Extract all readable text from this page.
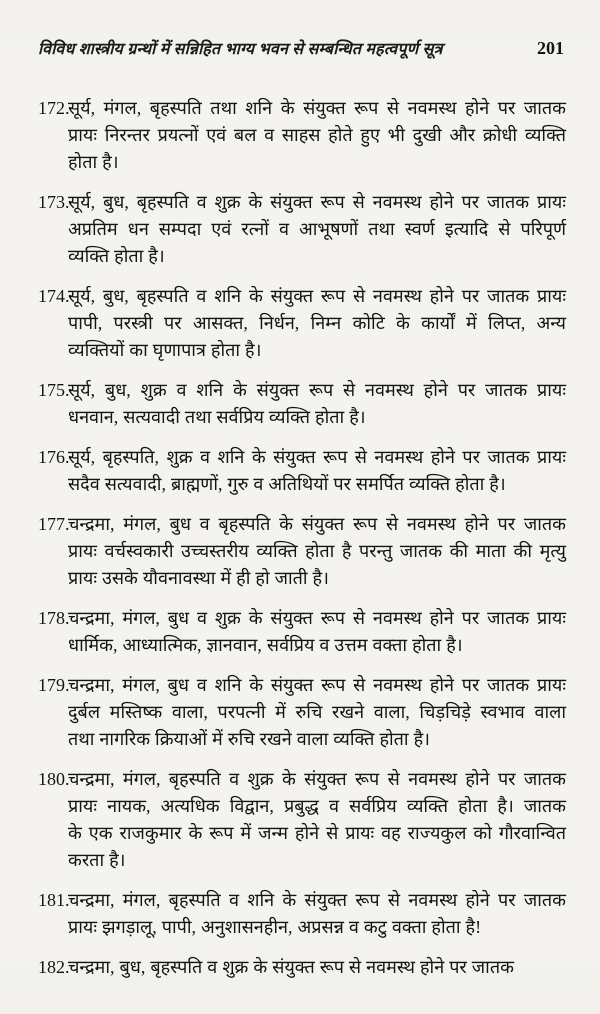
विविध शास्त्रीय ग्रन्थों में सन्निहित भाग्य भवन से सम्बन्धित महत्वपूर्ण सूत्र	201
172.
सूर्य, मंगल, बृहस्पति तथा शनि के संयुक्त रूप से नवमस्थ होने पर जातक
प्रायः निरन्तर प्रयत्नों एवं बल व साहस होते हुए भी दुखी और क्रोधी व्यक्ति
होता है।
173.
सूर्य, बुध, बृहस्पति व शुक्र के संयुक्त रूप से नवमस्थ होने पर जातक प्रायः
अप्रतिम धन सम्पदा एवं रत्नों व आभूषणों तथा स्वर्ण इत्यादि से परिपूर्ण
व्यक्ति होता है।
174.
सूर्य, बुध, बृहस्पति व शनि के संयुक्त रूप से नवमस्थ होने पर जातक प्रायः
पापी, परस्त्री पर आसक्त, निर्धन, निम्न कोटि के कार्यों में लिप्त, अन्य
व्यक्तियों का घृणापात्र होता है।
175.
सूर्य, बुध, शुक्र व शनि के संयुक्त रूप से नवमस्थ होने पर जातक प्रायः
धनवान, सत्यवादी तथा सर्वप्रिय व्यक्ति होता है।
176.
सूर्य, बृहस्पति, शुक्र व शनि के संयुक्त रूप से नवमस्थ होने पर जातक प्रायः
सदैव सत्यवादी, ब्राह्मणों, गुरु व अतिथियों पर समर्पित व्यक्ति होता है।
177.
चन्द्रमा, मंगल, बुध व बृहस्पति के संयुक्त रूप से नवमस्थ होने पर जातक
प्रायः वर्चस्वकारी उच्चस्तरीय व्यक्ति होता है परन्तु जातक की माता की मृत्यु
प्रायः उसके यौवनावस्था में ही हो जाती है।
178.
चन्द्रमा, मंगल, बुध व शुक्र के संयुक्त रूप से नवमस्थ होने पर जातक प्रायः
धार्मिक, आध्यात्मिक, ज्ञानवान, सर्वप्रिय व उत्तम वक्ता होता है।
179.
चन्द्रमा, मंगल, बुध व शनि के संयुक्त रूप से नवमस्थ होने पर जातक प्रायः
दुर्बल मस्तिष्क वाला, परपत्नी में रुचि रखने वाला, चिड़चिड़े स्वभाव वाला
तथा नागरिक क्रियाओं में रुचि रखने वाला व्यक्ति होता है।
180.
चन्द्रमा, मंगल, बृहस्पति व शुक्र के संयुक्त रूप से नवमस्थ होने पर जातक
प्रायः नायक, अत्यधिक विद्वान, प्रबुद्ध व सर्वप्रिय व्यक्ति होता है। जातक
के एक राजकुमार के रूप में जन्म होने से प्रायः वह राज्यकुल को गौरवान्वित
करता है।
181.
चन्द्रमा, मंगल, बृहस्पति व शनि के संयुक्त रूप से नवमस्थ होने पर जातक
प्रायः झगड़ालू, पापी, अनुशासनहीन, अप्रसन्न व कटु वक्ता होता है!
182.
चन्द्रमा, बुध, बृहस्पति व शुक्र के संयुक्त रूप से नवमस्थ होने पर जातक
